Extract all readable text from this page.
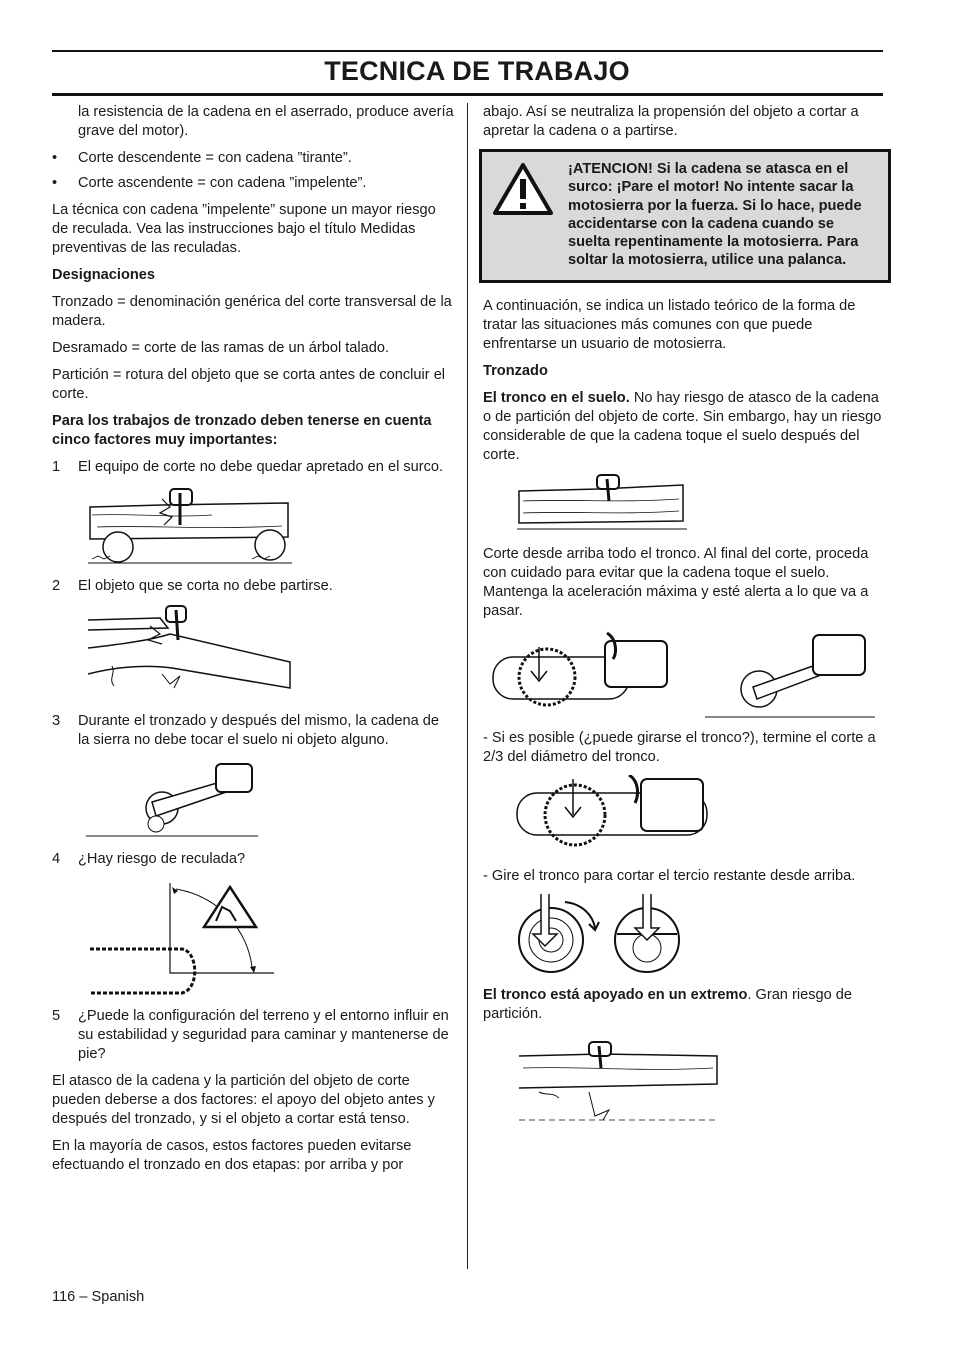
TECNICA DE TRABAJO

la resistencia de la cadena en el aserrado, produce avería grave del motor).

• Corte descendente = con cadena ”tirante”.
• Corte ascendente = con cadena ”impelente”.

La técnica con cadena ”impelente” supone un mayor riesgo de reculada. Vea las instrucciones bajo el título Medidas preventivas de las reculadas.

Designaciones

Tronzado = denominación genérica del corte transversal de la madera.

Desramado = corte de las ramas de un árbol talado.

Partición = rotura del objeto que se corta antes de concluir el corte.

Para los trabajos de tronzado deben tenerse en cuenta cinco factores muy importantes:

1 El equipo de corte no debe quedar apretado en el surco.
2 El objeto que se corta no debe partirse.
3 Durante el tronzado y después del mismo, la cadena de la sierra no debe tocar el suelo ni objeto alguno.
4 ¿Hay riesgo de reculada?
5 ¿Puede la configuración del terreno y el entorno influir en su estabilidad y seguridad para caminar y mantenerse de pie?

El atasco de la cadena y la partición del objeto de corte pueden deberse a dos factores: el apoyo del objeto antes y después del tronzado, y si el objeto a cortar está tenso.

En la mayoría de casos, estos factores pueden evitarse efectuando el tronzado en dos etapas: por arriba y por

abajo. Así se neutraliza la propensión del objeto a cortar a apretar la cadena o a partirse.

¡ATENCION! Si la cadena se atasca en el surco: ¡Pare el motor! No intente sacar la motosierra por la fuerza. Si lo hace, puede accidentarse con la cadena cuando se suelta repentinamente la motosierra. Para soltar la motosierra, utilice una palanca.

A continuación, se indica un listado teórico de la forma de tratar las situaciones más comunes con que puede enfrentarse un usuario de motosierra.

Tronzado

El tronco en el suelo. No hay riesgo de atasco de la cadena o de partición del objeto de corte. Sin embargo, hay un riesgo considerable de que la cadena toque el suelo después del corte.

Corte desde arriba todo el tronco. Al final del corte, proceda con cuidado para evitar que la cadena toque el suelo. Mantenga la aceleración máxima y esté alerta a lo que va a pasar.

- Si es posible (¿puede girarse el tronco?), termine el corte a 2/3 del diámetro del tronco.

- Gire el tronco para cortar el tercio restante desde arriba.

El tronco está apoyado en un extremo. Gran riesgo de partición.

116 – Spanish
